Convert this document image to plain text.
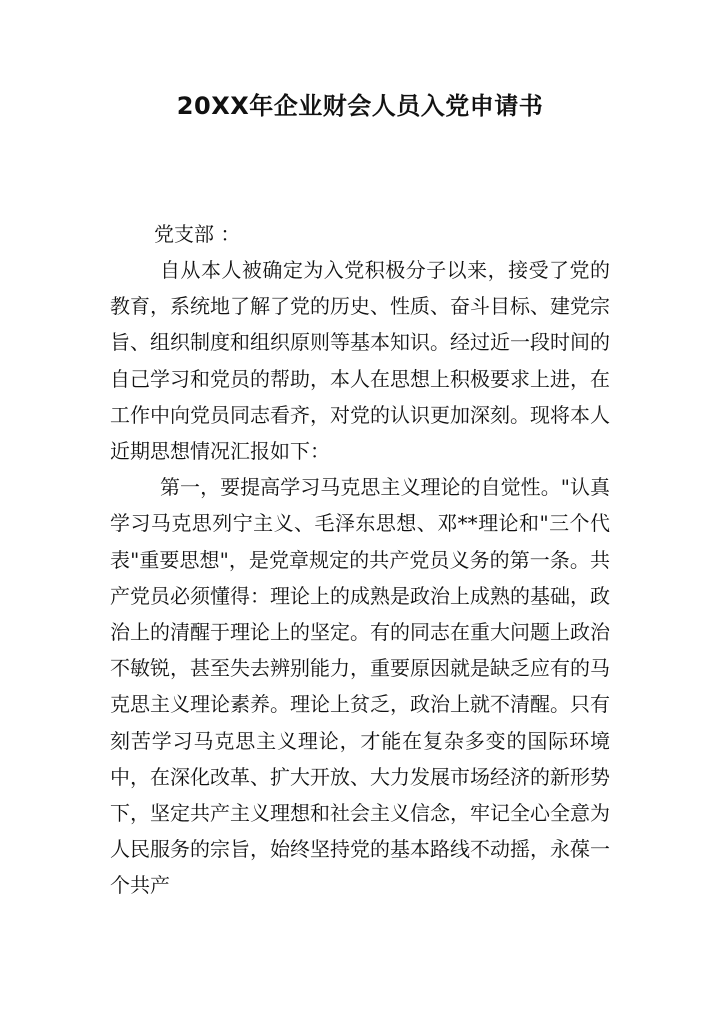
20XX年企业财会人员入党申请书
党支部 ：

自从本人被确定为入党积极分子以来，接受了党的教育，系统地了解了党的历史、性质、奋斗目标、建党宗旨、组织制度和组织原则等基本知识。经过近一段时间的自己学习和党员的帮助，本人在思想上积极要求上进，在工作中向党员同志看齐，对党的认识更加深刻。现将本人近期思想情况汇报如下：

第一，要提高学习马克思主义理论的自觉性。"认真学习马克思列宁主义、毛泽东思想、邓**理论和"三个代表"重要思想"，是党章规定的共产党员义务的第一条。共产党员必须懂得：理论上的成熟是政治上成熟的基础，政治上的清醒于理论上的坚定。有的同志在重大问题上政治不敏锐，甚至失去辨别能力，重要原因就是缺乏应有的马克思主义理论素养。理论上贫乏，政治上就不清醒。只有刻苦学习马克思主义理论，才能在复杂多变的国际环境中，在深化改革、扩大开放、大力发展市场经济的新形势下，坚定共产主义理想和社会主义信念，牢记全心全意为人民服务的宗旨，始终坚持党的基本路线不动摇，永葆一个共产
